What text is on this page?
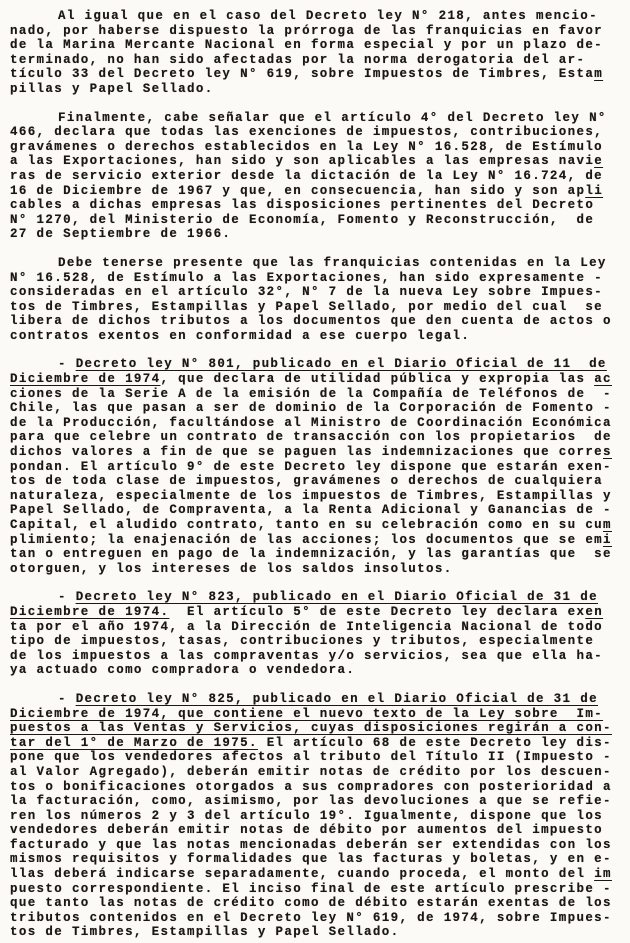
Al igual que en el caso del Decreto ley N° 218, antes mencio-
nado, por haberse dispuesto la prórroga de las franquicias en favor
de la Marina Mercante Nacional en forma especial y por un plazo de-
terminado, no han sido afectadas por la norma derogatoria del ar-
tículo 33 del Decreto ley N° 619, sobre Impuestos de Timbres, Estam
pillas y Papel Sellado.
Finalmente, cabe señalar que el artículo 4° del Decreto ley N°
466, declara que todas las exenciones de impuestos, contribuciones,
gravámenes o derechos establecidos en la Ley N° 16.528, de Estímulo
a las Exportaciones, han sido y son aplicables a las empresas navie
ras de servicio exterior desde la dictación de la Ley N° 16.724, de
16 de Diciembre de 1967 y que, en consecuencia, han sido y son apli
cables a dichas empresas las disposiciones pertinentes del Decreto
N° 1270, del Ministerio de Economía, Fomento y Reconstrucción,  de
27 de Septiembre de 1966.
Debe tenerse presente que las franquicias contenidas en la Ley
N° 16.528, de Estímulo a las Exportaciones, han sido expresamente -
consideradas en el artículo 32°, N° 7 de la nueva Ley sobre Impues-
tos de Timbres, Estampillas y Papel Sellado, por medio del cual  se
libera de dichos tributos a los documentos que den cuenta de actos o
contratos exentos en conformidad a ese cuerpo legal.
- Decreto ley N° 801, publicado en el Diario Oficial de 11  de
Diciembre de 1974, que declara de utilidad pública y expropia las ac
ciones de la Serie A de la emisión de la Compañía de Teléfonos de  -
Chile, las que pasan a ser de dominio de la Corporación de Fomento -
de la Producción, facultándose al Ministro de Coordinación Económica
para que celebre un contrato de transacción con los propietarios  de
dichos valores a fin de que se paguen las indemnizaciones que corres
pondan. El artículo 9° de este Decreto ley dispone que estarán exen-
tos de toda clase de impuestos, gravámenes o derechos de cualquiera
naturaleza, especialmente de los impuestos de Timbres, Estampillas y
Papel Sellado, de Compraventa, a la Renta Adicional y Ganancias de -
Capital, el aludido contrato, tanto en su celebración como en su cum
plimiento; la enajenación de las acciones; los documentos que se emi
tan o entreguen en pago de la indemnización, y las garantías que  se
otorguen, y los intereses de los saldos insolutos.
- Decreto ley N° 823, publicado en el Diario Oficial de 31 de
Diciembre de 1974.  El artículo 5° de este Decreto ley declara exen
ta por el año 1974, a la Dirección de Inteligencia Nacional de todo
tipo de impuestos, tasas, contribuciones y tributos, especialmente
de los impuestos a las compraventas y/o servicios, sea que ella ha-
ya actuado como compradora o vendedora.
- Decreto ley N° 825, publicado en el Diario Oficial de 31 de
Diciembre de 1974, que contiene el nuevo texto de la Ley sobre  Im-
puestos a las Ventas y Servicios, cuyas disposiciones regirán a con-
tar del 1° de Marzo de 1975. El artículo 68 de este Decreto ley dis-
pone que los vendedores afectos al tributo del Título II (Impuesto -
al Valor Agregado), deberán emitir notas de crédito por los descuen-
tos o bonificaciones otorgados a sus compradores con posterioridad a
la facturación, como, asimismo, por las devoluciones a que se refie-
ren los números 2 y 3 del artículo 19°. Igualmente, dispone que los
vendedores deberán emitir notas de débito por aumentos del impuesto
facturado y que las notas mencionadas deberán ser extendidas con los
mismos requisitos y formalidades que las facturas y boletas, y en e-
llas deberá indicarse separadamente, cuando proceda, el monto del im
puesto correspondiente. El inciso final de este artículo prescribe -
que tanto las notas de crédito como de débito estarán exentas de los
tributos contenidos en el Decreto ley N° 619, de 1974, sobre Impues-
tos de Timbres, Estampillas y Papel Sellado.
